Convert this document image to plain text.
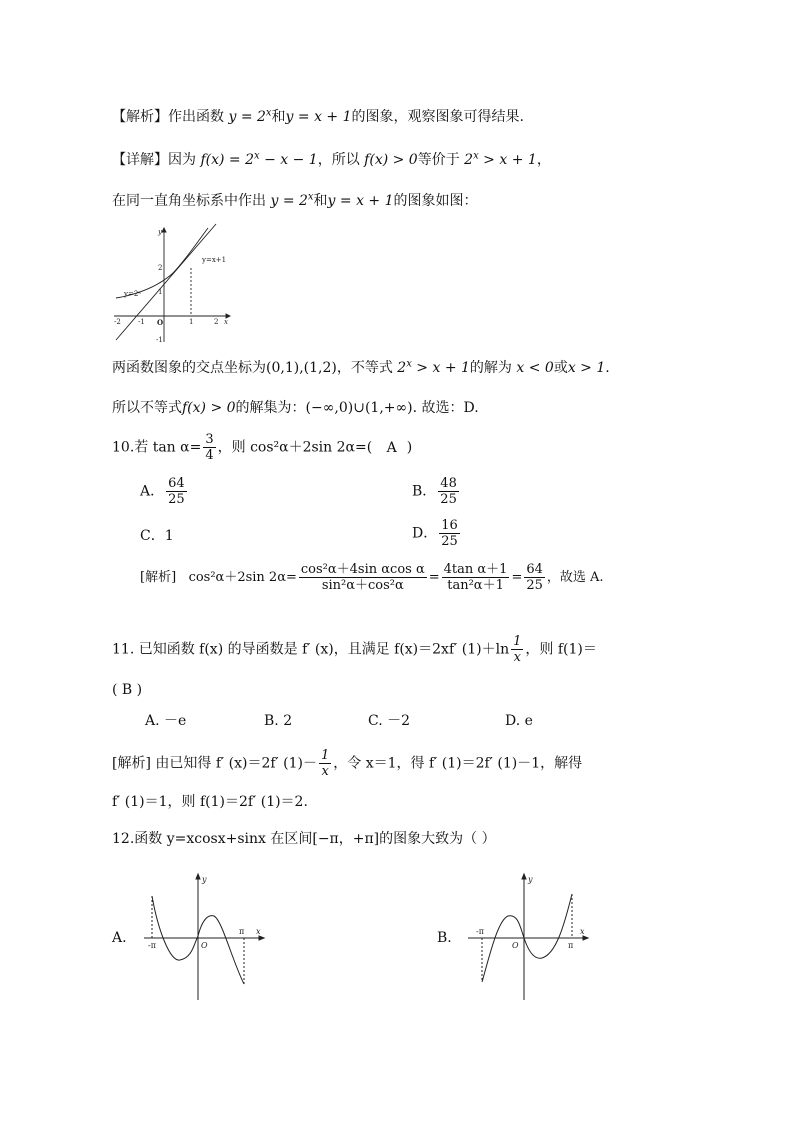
【解析】作出函数 $y = 2^x$和y = x + 1的图象，观察图象可得结果.
【详解】因为 $f(x) = 2^x - x - 1$，所以 f(x) > 0等价于 $2^x > x + 1$，
在同一直角坐标系中作出 $y = 2^x$和y = x + 1的图象如图：
y
x
O
y=2ˣ
y=x+1
-2 -1	1	2
2
1
-1
两函数图象的交点坐标为(0,1),(1,2)，不等式 $2^x > x + 1$的解为 x < 0或x > 1.
所以不等式f(x) > 0的解集为：(−∞,0)∪(1,+∞). 故选：D.
10.若 $\tan \alpha= \frac{3}{4}$ ，则 cos²α＋2sin 2α=( A )
A． $\frac{64}{25}$	B． $\frac{48}{25}$
C．1	D． $\frac{16}{25}$
[解析] cos²α＋2sin $2\alpha= \frac{\text{cos²α＋4sin αcos α}}{\text{sin²α＋cos²α}} = \frac{\text{4tan α＋1}}{\text{tan²α＋1}} = \frac{64}{25}$ ，故选 A.
11. 已知函数 f(x) 的导函数是 f′ (x)，且满足 f(x)＝2xf′ $(1)+\ln \frac{1}{x}$ ，则 f(1)＝
( B )
A. －e	B. 2	C. －2	D. e
[解析] 由已知得 f′ (x)＝2f′ $(1)- \frac{1}{x}$ ，令 x＝1，得 f′ (1)＝2f′ (1)－1，解得
f′ (1)＝1，则 f(1)＝2f′ (1)＝2.
12.函数 y=xcosx+sinx 在区间[−π，+π]的图象大致为（ ）
A.
y
x
O
-π
π	B.
y
x
O
-π
π
